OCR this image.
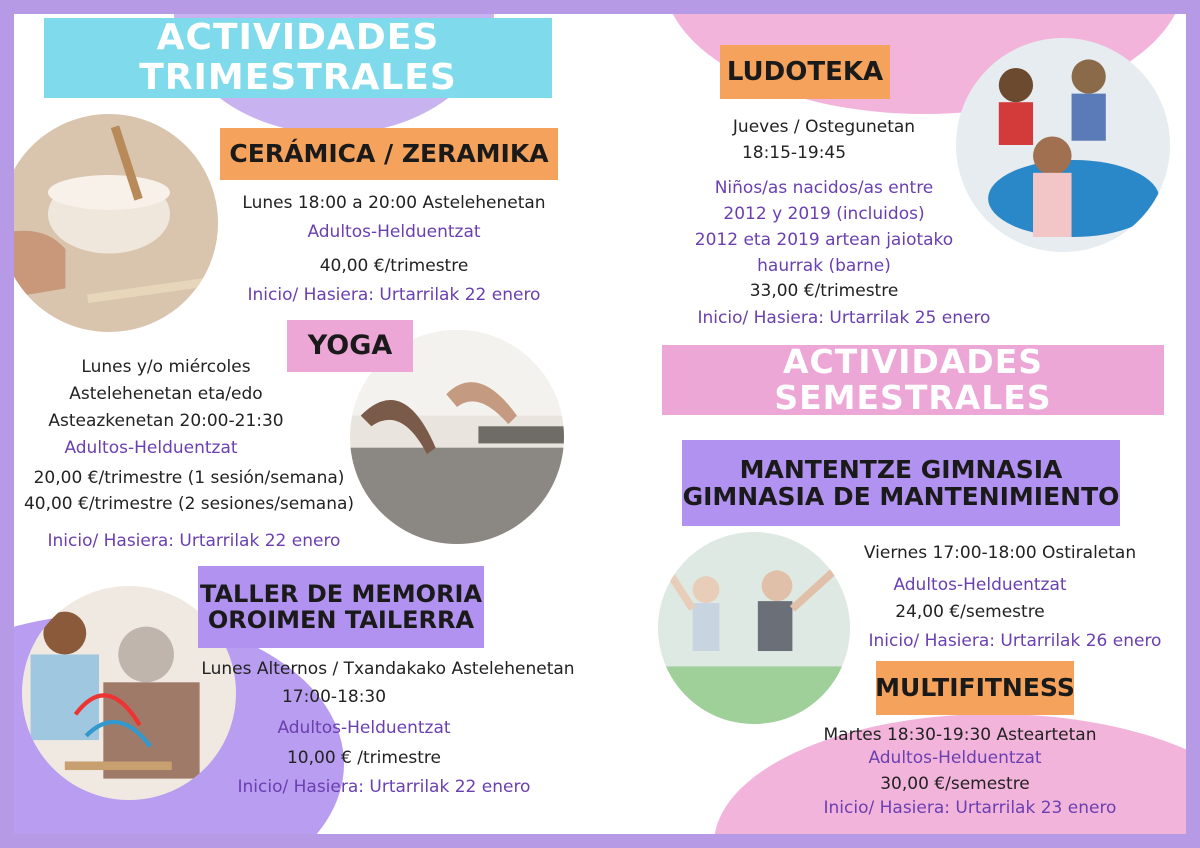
ACTIVIDADES TRIMESTRALES
CERÁMICA / ZERAMIKA
Lunes 18:00 a 20:00 Astelehenetan
Adultos-Helduentzat
40,00 €/trimestre
Inicio/ Hasiera: Urtarrilak 22 enero
YOGA
Lunes y/o miércoles
Astelehenetan eta/edo
Asteazkenetan 20:00-21:30
Adultos-Helduentzat
20,00 €/trimestre (1 sesión/semana)
40,00 €/trimestre (2 sesiones/semana)
Inicio/ Hasiera: Urtarrilak 22 enero
TALLER DE MEMORIA
OROIMEN TAILERRA
Lunes Alternos / Txandakako Astelehenetan
17:00-18:30
Adultos-Helduentzat
10,00 € /trimestre
Inicio/ Hasiera: Urtarrilak 22 enero
LUDOTEKA
Jueves / Ostegunetan
18:15-19:45
Niños/as nacidos/as entre
2012 y 2019 (incluidos)
2012 eta 2019 artean jaiotako
haurrak (barne)
33,00 €/trimestre
Inicio/ Hasiera: Urtarrilak 25 enero
ACTIVIDADES SEMESTRALES
MANTENTZE GIMNASIA
GIMNASIA DE MANTENIMIENTO
Viernes 17:00-18:00 Ostiraletan
Adultos-Helduentzat
24,00 €/semestre
Inicio/ Hasiera: Urtarrilak 26 enero
MULTIFITNESS
Martes 18:30-19:30 Asteartetan
Adultos-Helduentzat
30,00 €/semestre
Inicio/ Hasiera: Urtarrilak 23 enero
